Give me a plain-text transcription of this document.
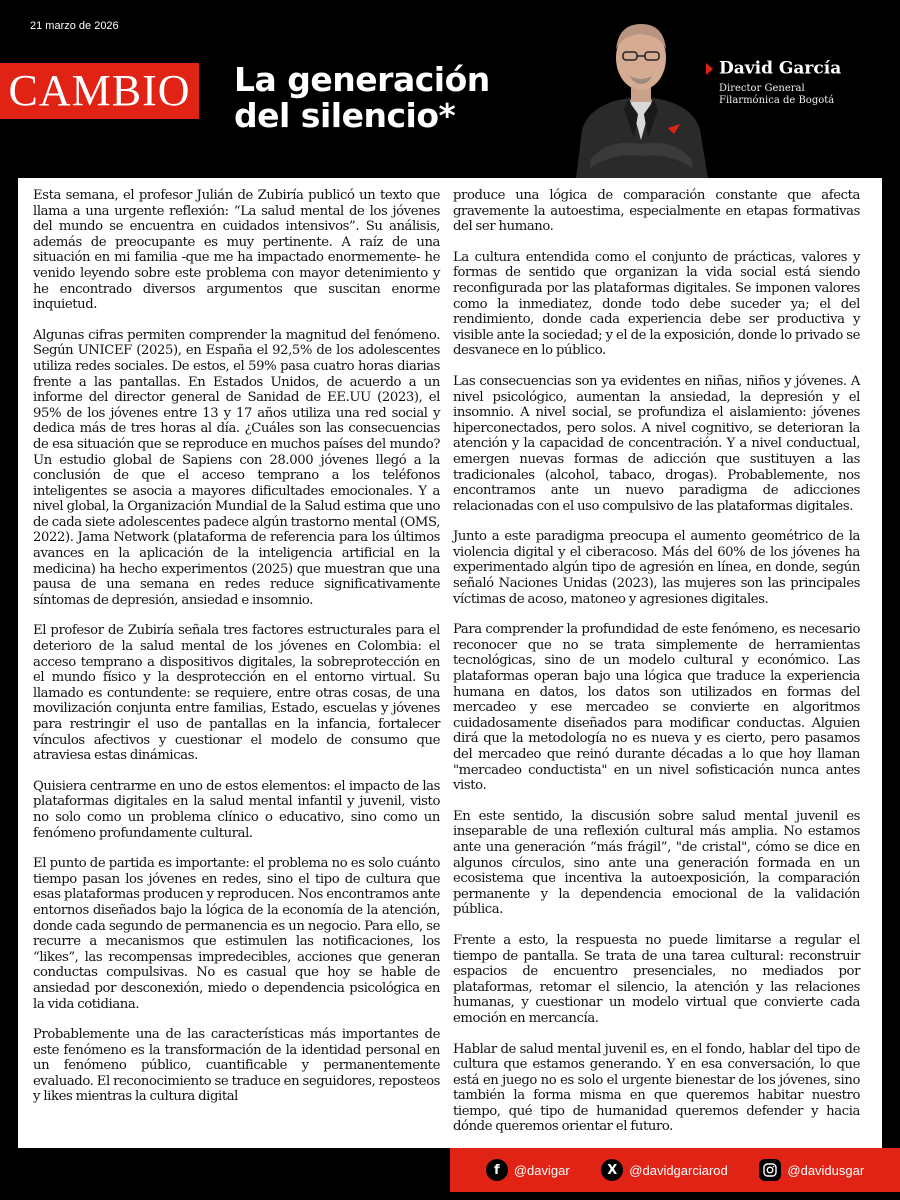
21 marzo de 2026
CAMBIO La generación
del silencio*
David García
Director General
Filarmónica de Bogotá

Esta semana, el profesor Julián de Zubiría publicó un texto que llama a una urgente reflexión: “La salud mental de los jóvenes del mundo se encuentra en cuidados intensivos”. Su análisis, además de preocupante es muy pertinente. A raíz de una situación en mi familia -que me ha impactado enormemente- he venido leyendo sobre este problema con mayor detenimiento y he encontrado diversos argumentos que suscitan enorme inquietud.

Algunas cifras permiten comprender la magnitud del fenómeno. Según UNICEF (2025), en España el 92,5% de los adolescentes utiliza redes sociales. De estos, el 59% pasa cuatro horas diarias frente a las pantallas. En Estados Unidos, de acuerdo a un informe del director general de Sanidad de EE.UU (2023), el 95% de los jóvenes entre 13 y 17 años utiliza una red social y dedica más de tres horas al día. ¿Cuáles son las consecuencias de esa situación que se reproduce en muchos países del mundo? Un estudio global de Sapiens con 28.000 jóvenes llegó a la conclusión de que el acceso temprano a los teléfonos inteligentes se asocia a mayores dificultades emocionales. Y a nivel global, la Organización Mundial de la Salud estima que uno de cada siete adolescentes padece algún trastorno mental (OMS, 2022). Jama Network (plataforma de referencia para los últimos avances en la aplicación de la inteligencia artificial en la medicina) ha hecho experimentos (2025) que muestran que una pausa de una semana en redes reduce significativamente síntomas de depresión, ansiedad e insomnio.

El profesor de Zubiría señala tres factores estructurales para el deterioro de la salud mental de los jóvenes en Colombia: el acceso temprano a dispositivos digitales, la sobreprotección en el mundo físico y la desprotección en el entorno virtual. Su llamado es contundente: se requiere, entre otras cosas, de una movilización conjunta entre familias, Estado, escuelas y jóvenes para restringir el uso de pantallas en la infancia, fortalecer vínculos afectivos y cuestionar el modelo de consumo que atraviesa estas dinámicas.

Quisiera centrarme en uno de estos elementos: el impacto de las plataformas digitales en la salud mental infantil y juvenil, visto no solo como un problema clínico o educativo, sino como un fenómeno profundamente cultural.

El punto de partida es importante: el problema no es solo cuánto tiempo pasan los jóvenes en redes, sino el tipo de cultura que esas plataformas producen y reproducen. Nos encontramos ante entornos diseñados bajo la lógica de la economía de la atención, donde cada segundo de permanencia es un negocio. Para ello, se recurre a mecanismos que estimulen las notificaciones, los “likes”, las recompensas impredecibles, acciones que generan conductas compulsivas. No es casual que hoy se hable de ansiedad por desconexión, miedo o dependencia psicológica en la vida cotidiana.

Probablemente una de las características más importantes de este fenómeno es la transformación de la identidad personal en un fenómeno público, cuantificable y permanentemente evaluado. El reconocimiento se traduce en seguidores, reposteos y likes mientras la cultura digital

produce una lógica de comparación constante que afecta gravemente la autoestima, especialmente en etapas formativas del ser humano.

La cultura entendida como el conjunto de prácticas, valores y formas de sentido que organizan la vida social está siendo reconfigurada por las plataformas digitales. Se imponen valores como la inmediatez, donde todo debe suceder ya; el del rendimiento, donde cada experiencia debe ser productiva y visible ante la sociedad; y el de la exposición, donde lo privado se desvanece en lo público.

Las consecuencias son ya evidentes en niñas, niños y jóvenes. A nivel psicológico, aumentan la ansiedad, la depresión y el insomnio. A nivel social, se profundiza el aislamiento: jóvenes hiperconectados, pero solos. A nivel cognitivo, se deterioran la atención y la capacidad de concentración. Y a nivel conductual, emergen nuevas formas de adicción que sustituyen a las tradicionales (alcohol, tabaco, drogas). Probablemente, nos encontramos ante un nuevo paradigma de adicciones relacionadas con el uso compulsivo de las plataformas digitales.

Junto a este paradigma preocupa el aumento geométrico de la violencia digital y el ciberacoso. Más del 60% de los jóvenes ha experimentado algún tipo de agresión en línea, en donde, según señaló Naciones Unidas (2023), las mujeres son las principales víctimas de acoso, matoneo y agresiones digitales.

Para comprender la profundidad de este fenómeno, es necesario reconocer que no se trata simplemente de herramientas tecnológicas, sino de un modelo cultural y económico. Las plataformas operan bajo una lógica que traduce la experiencia humana en datos, los datos son utilizados en formas del mercadeo y ese mercadeo se convierte en algoritmos cuidadosamente diseñados para modificar conductas. Alguien dirá que la metodología no es nueva y es cierto, pero pasamos del mercadeo que reinó durante décadas a lo que hoy llaman "mercadeo conductista" en un nivel sofisticación nunca antes visto.

En este sentido, la discusión sobre salud mental juvenil es inseparable de una reflexión cultural más amplia. No estamos ante una generación “más frágil”, "de cristal", cómo se dice en algunos círculos, sino ante una generación formada en un ecosistema que incentiva la autoexposición, la comparación permanente y la dependencia emocional de la validación pública.

Frente a esto, la respuesta no puede limitarse a regular el tiempo de pantalla. Se trata de una tarea cultural: reconstruir espacios de encuentro presenciales, no mediados por plataformas, retomar el silencio, la atención y las relaciones humanas, y cuestionar un modelo virtual que convierte cada emoción en mercancía.

Hablar de salud mental juvenil es, en el fondo, hablar del tipo de cultura que estamos generando. Y en esa conversación, lo que está en juego no es solo el urgente bienestar de los jóvenes, sino también la forma misma en que queremos habitar nuestro tiempo, qué tipo de humanidad queremos defender y hacia dónde queremos orientar el futuro.

f	@davigar	X @davidgarciarod	@davidusgar
